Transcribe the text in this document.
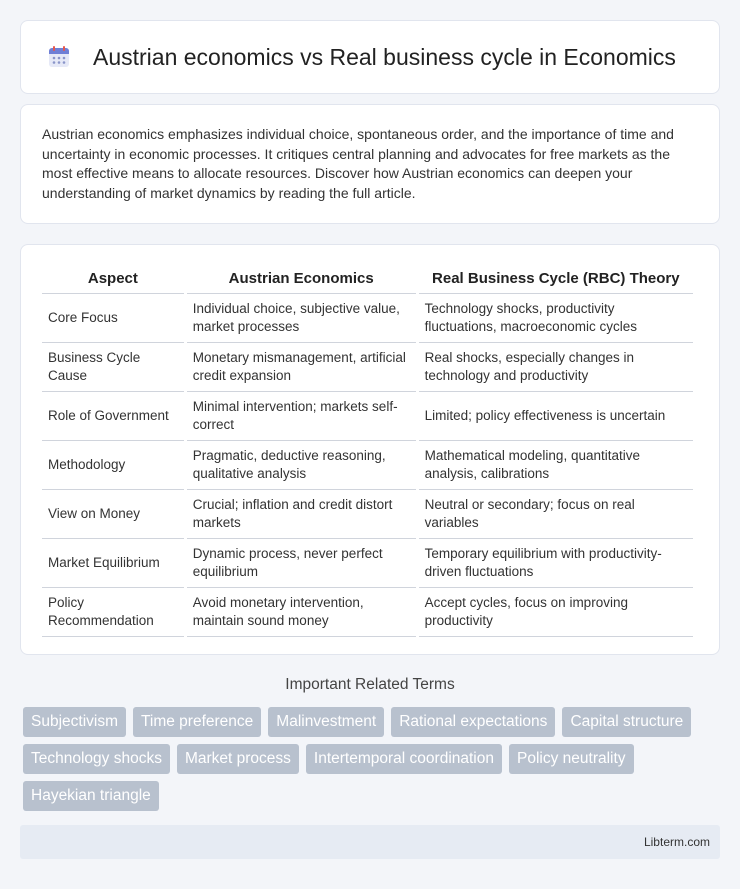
Austrian economics vs Real business cycle in Economics

Austrian economics emphasizes individual choice, spontaneous order, and the importance of time and uncertainty in economic processes. It critiques central planning and advocates for free markets as the most effective means to allocate resources. Discover how Austrian economics can deepen your understanding of market dynamics by reading the full article.

Aspect	Austrian Economics	Real Business Cycle (RBC) Theory
Core Focus	Individual choice, subjective value, market processes	Technology shocks, productivity fluctuations, macroeconomic cycles
Business Cycle Cause	Monetary mismanagement, artificial credit expansion	Real shocks, especially changes in technology and productivity
Role of Government	Minimal intervention; markets self-correct	Limited; policy effectiveness is uncertain
Methodology	Pragmatic, deductive reasoning, qualitative analysis	Mathematical modeling, quantitative analysis, calibrations
View on Money	Crucial; inflation and credit distort markets	Neutral or secondary; focus on real variables
Market Equilibrium	Dynamic process, never perfect equilibrium	Temporary equilibrium with productivity-driven fluctuations
Policy Recommendation	Avoid monetary intervention, maintain sound money	Accept cycles, focus on improving productivity
Important Related Terms
Subjectivism	Time preference	Malinvestment	Rational expectations	Capital structure
Technology shocks	Market process	Intertemporal coordination	Policy neutrality
Hayekian triangle
Libterm.com
